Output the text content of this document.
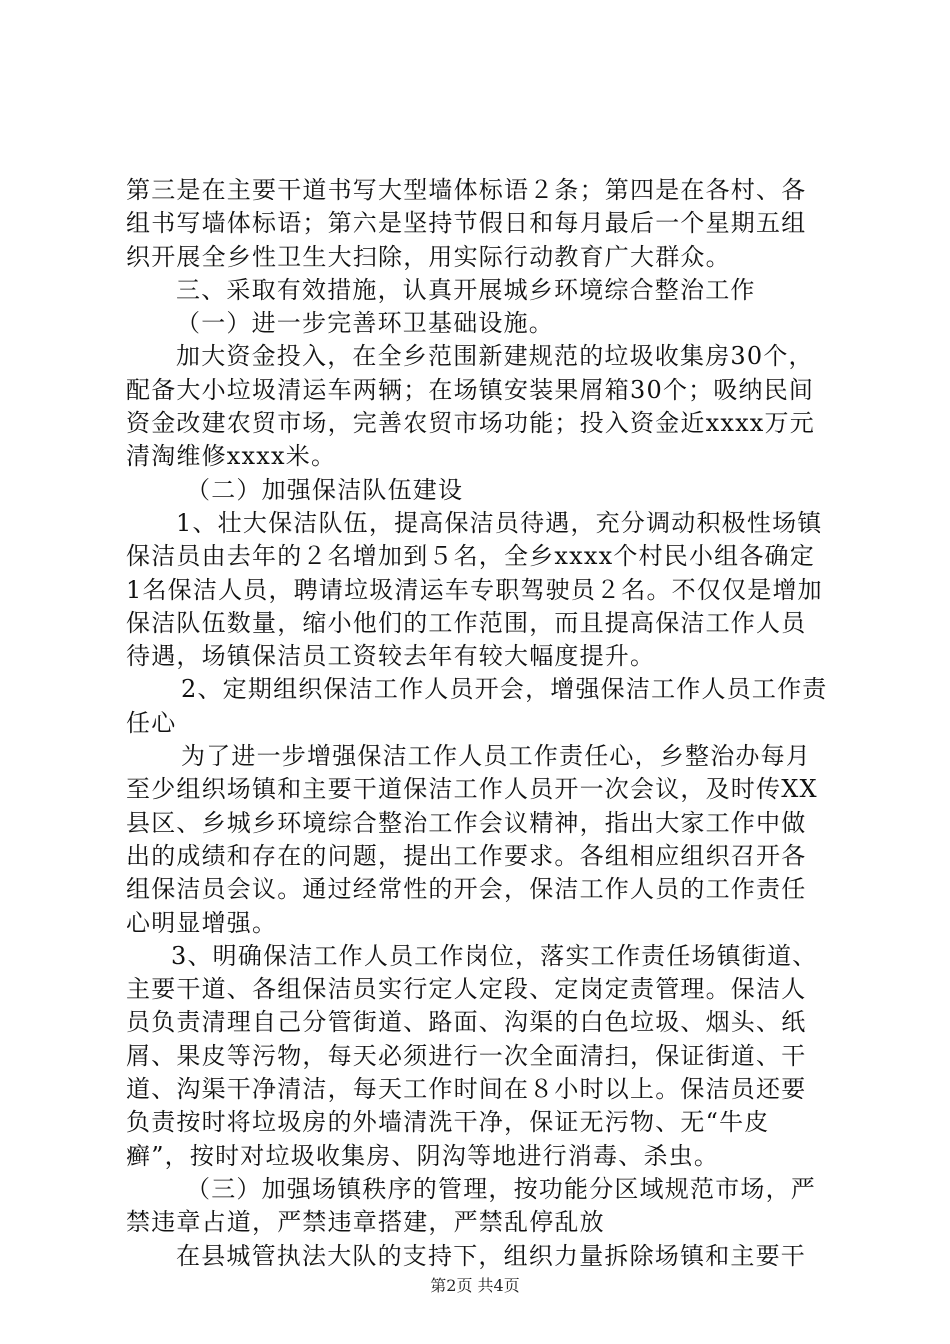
第三是在主要干道书写大型墙体标语２条；第四是在各村、各
组书写墙体标语；第六是坚持节假日和每月最后一个星期五组
织开展全乡性卫生大扫除，用实际行动教育广大群众。
三、采取有效措施，认真开展城乡环境综合整治工作
（一）进一步完善环卫基础设施。
加大资金投入，在全乡范围新建规范的垃圾收集房30个，
配备大小垃圾清运车两辆；在场镇安装果屑箱30个；吸纳民间
资金改建农贸市场，完善农贸市场功能；投入资金近xxxx万元
清淘维修xxxx米。
（二）加强保洁队伍建设
1、壮大保洁队伍，提高保洁员待遇，充分调动积极性场镇
保洁员由去年的２名增加到５名，全乡xxxx个村民小组各确定
1名保洁人员，聘请垃圾清运车专职驾驶员２名。不仅仅是增加
保洁队伍数量，缩小他们的工作范围，而且提高保洁工作人员
待遇，场镇保洁员工资较去年有较大幅度提升。
2、定期组织保洁工作人员开会，增强保洁工作人员工作责
任心
为了进一步增强保洁工作人员工作责任心，乡整治办每月
至少组织场镇和主要干道保洁工作人员开一次会议，及时传XX
县区、乡城乡环境综合整治工作会议精神，指出大家工作中做
出的成绩和存在的问题，提出工作要求。各组相应组织召开各
组保洁员会议。通过经常性的开会，保洁工作人员的工作责任
心明显增强。
3、明确保洁工作人员工作岗位，落实工作责任场镇街道、
主要干道、各组保洁员实行定人定段、定岗定责管理。保洁人
员负责清理自己分管街道、路面、沟渠的白色垃圾、烟头、纸
屑、果皮等污物，每天必须进行一次全面清扫，保证街道、干
道、沟渠干净清洁，每天工作时间在８小时以上。保洁员还要
负责按时将垃圾房的外墙清洗干净，保证无污物、无“牛皮
癣”，按时对垃圾收集房、阴沟等地进行消毒、杀虫。
（三）加强场镇秩序的管理，按功能分区域规范市场，严
禁违章占道，严禁违章搭建，严禁乱停乱放
在县城管执法大队的支持下，组织力量拆除场镇和主要干
第2页 共4页
